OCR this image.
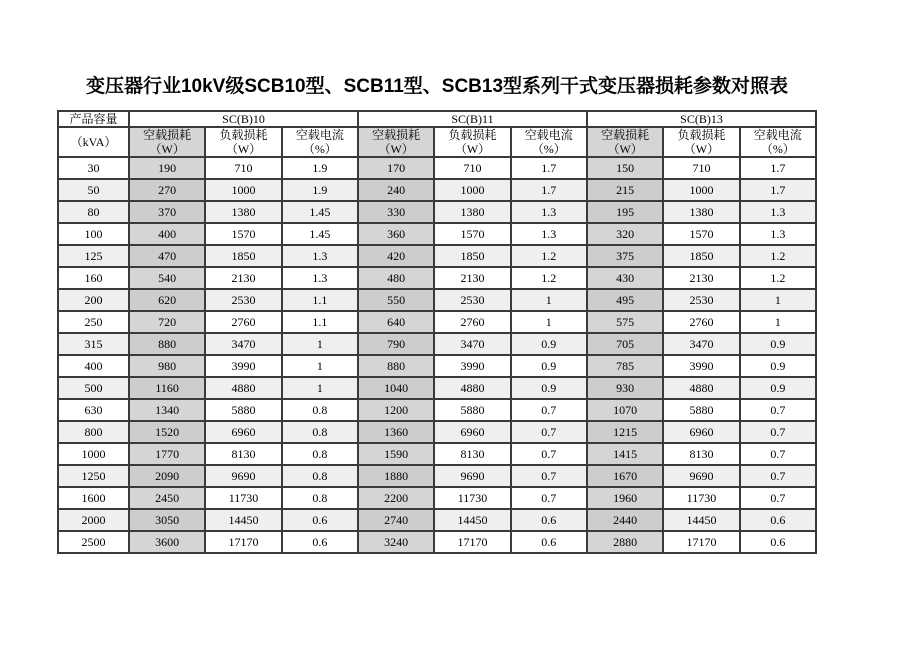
变压器行业10kV级SCB10型、SCB11型、SCB13型系列干式变压器损耗参数对照表
产品容量	SC(B)10			SC(B)11			SC(B)13		
（kVA）	空载损耗（W）	负载损耗（W）	空载电流（%）	空载损耗（W）	负载损耗（W）	空载电流（%）	空载损耗（W）	负载损耗（W）	空载电流（%）
30	190	710	1.9	170	710	1.7	150	710	1.7
50	270	1000	1.9	240	1000	1.7	215	1000	1.7
80	370	1380	1.45	330	1380	1.3	195	1380	1.3
100	400	1570	1.45	360	1570	1.3	320	1570	1.3
125	470	1850	1.3	420	1850	1.2	375	1850	1.2
160	540	2130	1.3	480	2130	1.2	430	2130	1.2
200	620	2530	1.1	550	2530	1	495	2530	1
250	720	2760	1.1	640	2760	1	575	2760	1
315	880	3470	1	790	3470	0.9	705	3470	0.9
400	980	3990	1	880	3990	0.9	785	3990	0.9
500	1160	4880	1	1040	4880	0.9	930	4880	0.9
630	1340	5880	0.8	1200	5880	0.7	1070	5880	0.7
800	1520	6960	0.8	1360	6960	0.7	1215	6960	0.7
1000	1770	8130	0.8	1590	8130	0.7	1415	8130	0.7
1250	2090	9690	0.8	1880	9690	0.7	1670	9690	0.7
1600	2450	11730	0.8	2200	11730	0.7	1960	11730	0.7
2000	3050	14450	0.6	2740	14450	0.6	2440	14450	0.6
2500	3600	17170	0.6	3240	17170	0.6	2880	17170	0.6
